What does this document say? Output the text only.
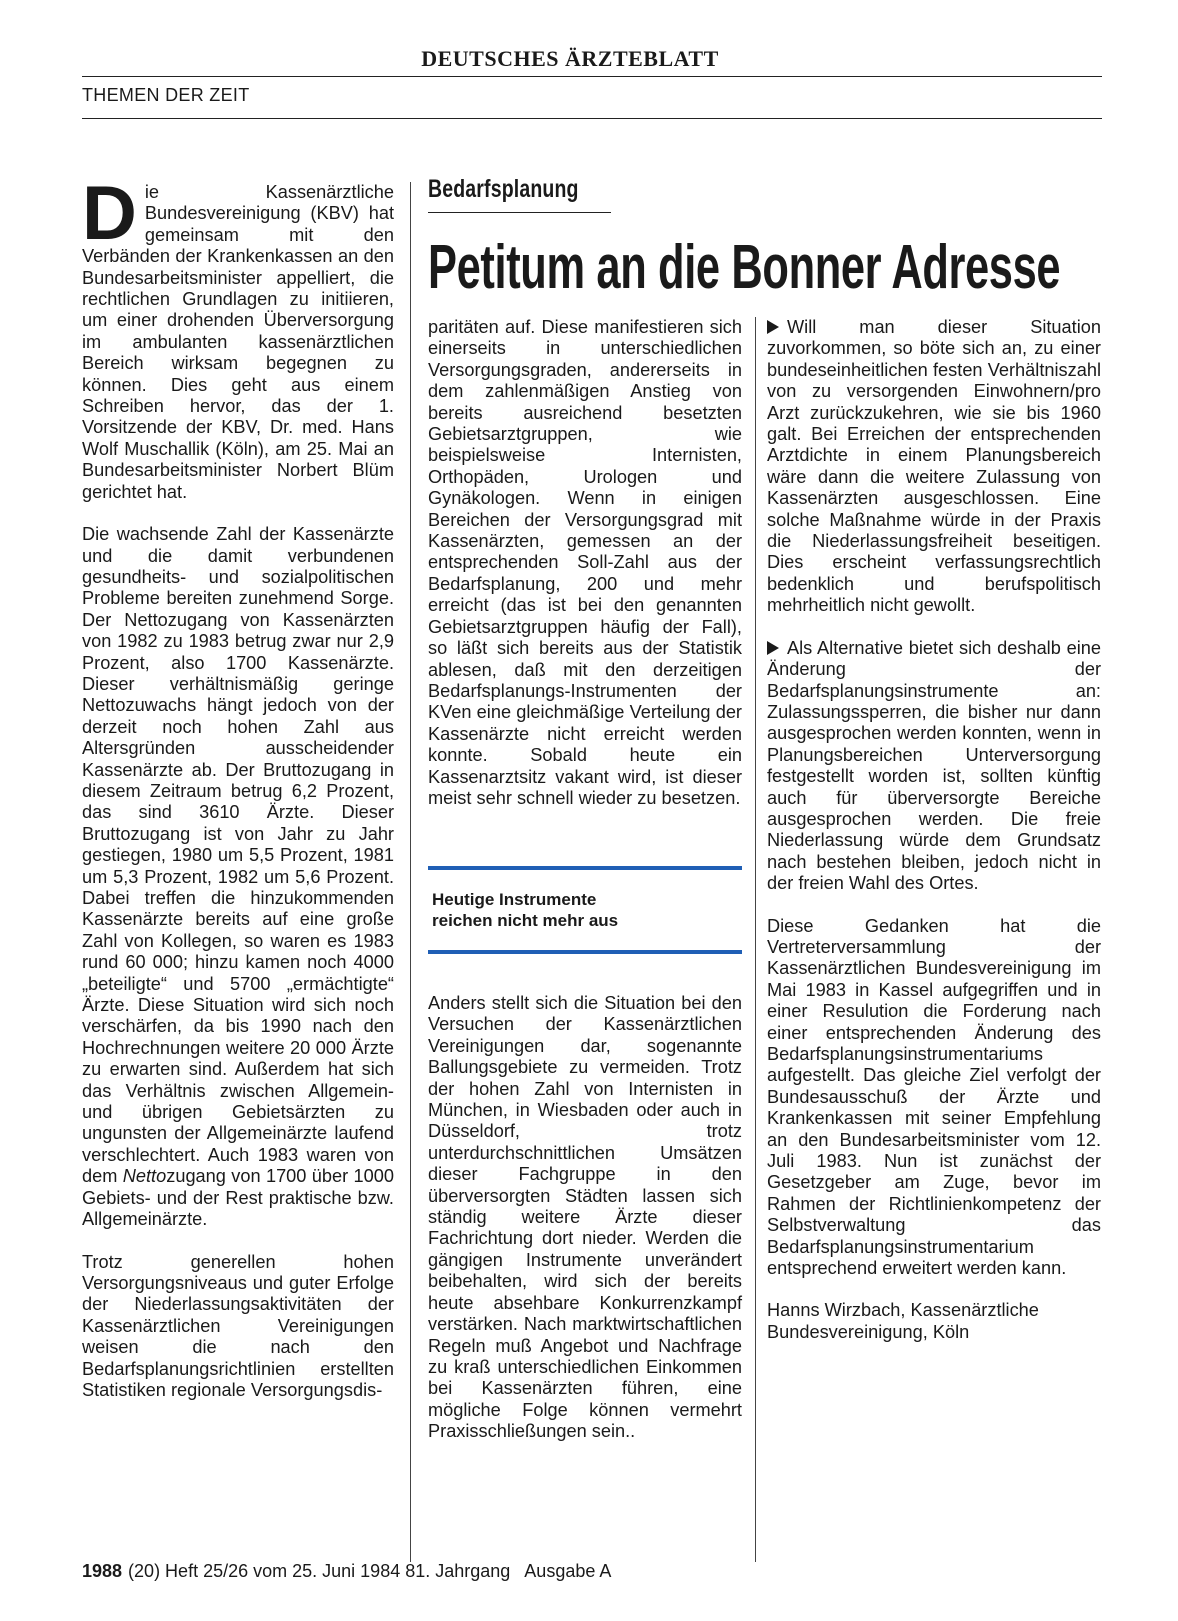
DEUTSCHES ÄRZTEBLATT
THEMEN DER ZEIT
Bedarfsplanung
Petitum an die Bonner Adresse

Die Kassenärztliche Bundesvereinigung (KBV) hat gemeinsam mit den Verbänden der Krankenkassen an den Bundesarbeitsminister appelliert, die rechtlichen Grundlagen zu initiieren, um einer drohenden Überversorgung im ambulanten kassenärztlichen Bereich wirksam begegnen zu können. Dies geht aus einem Schreiben hervor, das der 1. Vorsitzende der KBV, Dr. med. Hans Wolf Muschallik (Köln), am 25. Mai an Bundesarbeitsminister Norbert Blüm gerichtet hat.

Die wachsende Zahl der Kassenärzte und die damit verbundenen gesundheits- und sozialpolitischen Probleme bereiten zunehmend Sorge. Der Nettozugang von Kassenärzten von 1982 zu 1983 betrug zwar nur 2,9 Prozent, also 1700 Kassenärzte. Dieser verhältnismäßig geringe Nettozuwachs hängt jedoch von der derzeit noch hohen Zahl aus Altersgründen ausscheidender Kassenärzte ab. Der Bruttozugang in diesem Zeitraum betrug 6,2 Prozent, das sind 3610 Ärzte. Dieser Bruttozugang ist von Jahr zu Jahr gestiegen, 1980 um 5,5 Prozent, 1981 um 5,3 Prozent, 1982 um 5,6 Prozent. Dabei treffen die hinzukommenden Kassenärzte bereits auf eine große Zahl von Kollegen, so waren es 1983 rund 60 000; hinzu kamen noch 4000 „beteiligte“ und 5700 „ermächtigte“ Ärzte. Diese Situation wird sich noch verschärfen, da bis 1990 nach den Hochrechnungen weitere 20 000 Ärzte zu erwarten sind. Außerdem hat sich das Verhältnis zwischen Allgemein- und übrigen Gebietsärzten zu ungunsten der Allgemeinärzte laufend verschlechtert. Auch 1983 waren von dem Nettozugang von 1700 über 1000 Gebiets- und der Rest praktische bzw. Allgemeinärzte.

Trotz generellen hohen Versorgungsniveaus und guter Erfolge der Niederlassungsaktivitäten der Kassenärztlichen Vereinigungen weisen die nach den Bedarfsplanungsrichtlinien erstellten Statistiken regionale Versorgungsdis-

paritäten auf. Diese manifestieren sich einerseits in unterschiedlichen Versorgungsgraden, andererseits in dem zahlenmäßigen Anstieg von bereits ausreichend besetzten Gebietsarztgruppen, wie beispielsweise Internisten, Orthopäden, Urologen und Gynäkologen. Wenn in einigen Bereichen der Versorgungsgrad mit Kassenärzten, gemessen an der entsprechenden Soll-Zahl aus der Bedarfsplanung, 200 und mehr erreicht (das ist bei den genannten Gebietsarztgruppen häufig der Fall), so läßt sich bereits aus der Statistik ablesen, daß mit den derzeitigen Bedarfsplanungs-Instrumenten der KVen eine gleichmäßige Verteilung der Kassenärzte nicht erreicht werden konnte. Sobald heute ein Kassenarztsitz vakant wird, ist dieser meist sehr schnell wieder zu besetzen.

Heutige Instrumente
reichen nicht mehr aus

Anders stellt sich die Situation bei den Versuchen der Kassenärztlichen Vereinigungen dar, sogenannte Ballungsgebiete zu vermeiden. Trotz der hohen Zahl von Internisten in München, in Wiesbaden oder auch in Düsseldorf, trotz unterdurchschnittlichen Umsätzen dieser Fachgruppe in den überversorgten Städten lassen sich ständig weitere Ärzte dieser Fachrichtung dort nieder. Werden die gängigen Instrumente unverändert beibehalten, wird sich der bereits heute absehbare Konkurrenzkampf verstärken. Nach marktwirtschaftlichen Regeln muß Angebot und Nachfrage zu kraß unterschiedlichen Einkommen bei Kassenärzten führen, eine mögliche Folge können vermehrt Praxisschließungen sein..

Will man dieser Situation zuvorkommen, so böte sich an, zu einer bundeseinheitlichen festen Verhältniszahl von zu versorgenden Einwohnern/pro Arzt zurückzukehren, wie sie bis 1960 galt. Bei Erreichen der entsprechenden Arztdichte in einem Planungsbereich wäre dann die weitere Zulassung von Kassenärzten ausgeschlossen. Eine solche Maßnahme würde in der Praxis die Niederlassungsfreiheit beseitigen. Dies erscheint verfassungsrechtlich bedenklich und berufspolitisch mehrheitlich nicht gewollt.

Als Alternative bietet sich deshalb eine Änderung der Bedarfsplanungsinstrumente an: Zulassungssperren, die bisher nur dann ausgesprochen werden konnten, wenn in Planungsbereichen Unterversorgung festgestellt worden ist, sollten künftig auch für überversorgte Bereiche ausgesprochen werden. Die freie Niederlassung würde dem Grundsatz nach bestehen bleiben, jedoch nicht in der freien Wahl des Ortes.

Diese Gedanken hat die Vertreterversammlung der Kassenärztlichen Bundesvereinigung im Mai 1983 in Kassel aufgegriffen und in einer Resulution die Forderung nach einer entsprechenden Änderung des Bedarfsplanungsinstrumentariums aufgestellt. Das gleiche Ziel verfolgt der Bundesausschuß der Ärzte und Krankenkassen mit seiner Empfehlung an den Bundesarbeitsminister vom 12. Juli 1983. Nun ist zunächst der Gesetzgeber am Zuge, bevor im Rahmen der Richtlinienkompetenz der Selbstverwaltung das Bedarfsplanungsinstrumentarium entsprechend erweitert werden kann.

Hanns Wirzbach, Kassenärztliche
Bundesvereinigung, Köln

1988 (20) Heft 25/26 vom 25. Juni 1984 81. Jahrgang   Ausgabe A
